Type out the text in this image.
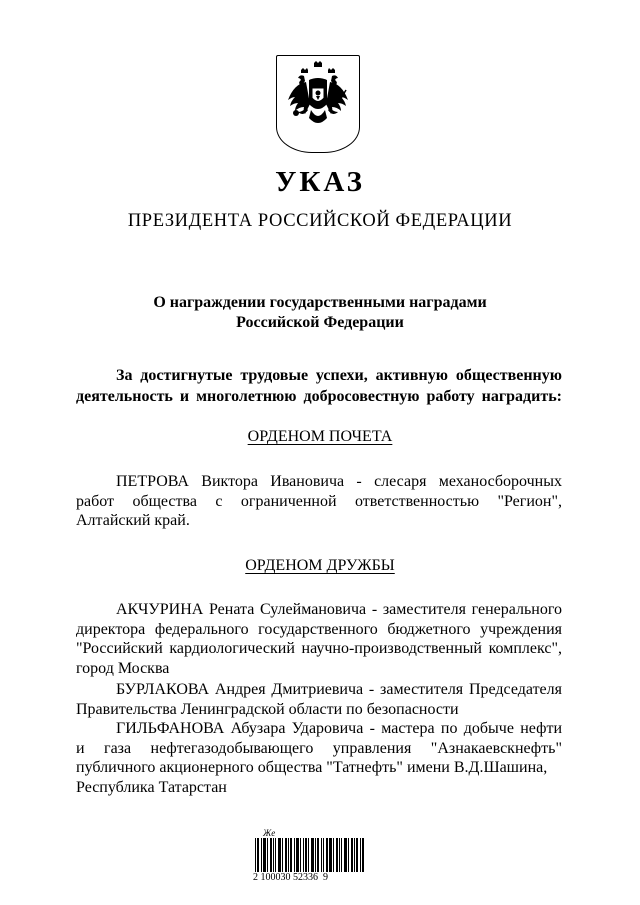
УКАЗ
ПРЕЗИДЕНТА РОССИЙСКОЙ ФЕДЕРАЦИИ
О награждении государственными наградами
Российской Федерации
За достигнутые трудовые успехи, активную общественную
деятельность и многолетнюю добросовестную работу наградить:
ОРДЕНОМ ПОЧЕТА
ПЕТРОВА Виктора Ивановича - слесаря механосборочных
работ общества с ограниченной ответственностью "Регион",
Алтайский край.
ОРДЕНОМ ДРУЖБЫ
АКЧУРИНА Рената Сулеймановича - заместителя генерального
директора федерального государственного бюджетного учреждения
"Российский кардиологический научно-производственный комплекс",
город Москва
БУРЛАКОВА Андрея Дмитриевича - заместителя Председателя
Правительства Ленинградской области по безопасности
ГИЛЬФАНОВА Абузара Ударовича - мастера по добыче нефти
и газа нефтегазодобывающего управления "Азнакаевскнефть"
публичного акционерного общества "Татнефть" имени В.Д.Шашина,
Республика Татарстан
Же
2 100030 52336  9
